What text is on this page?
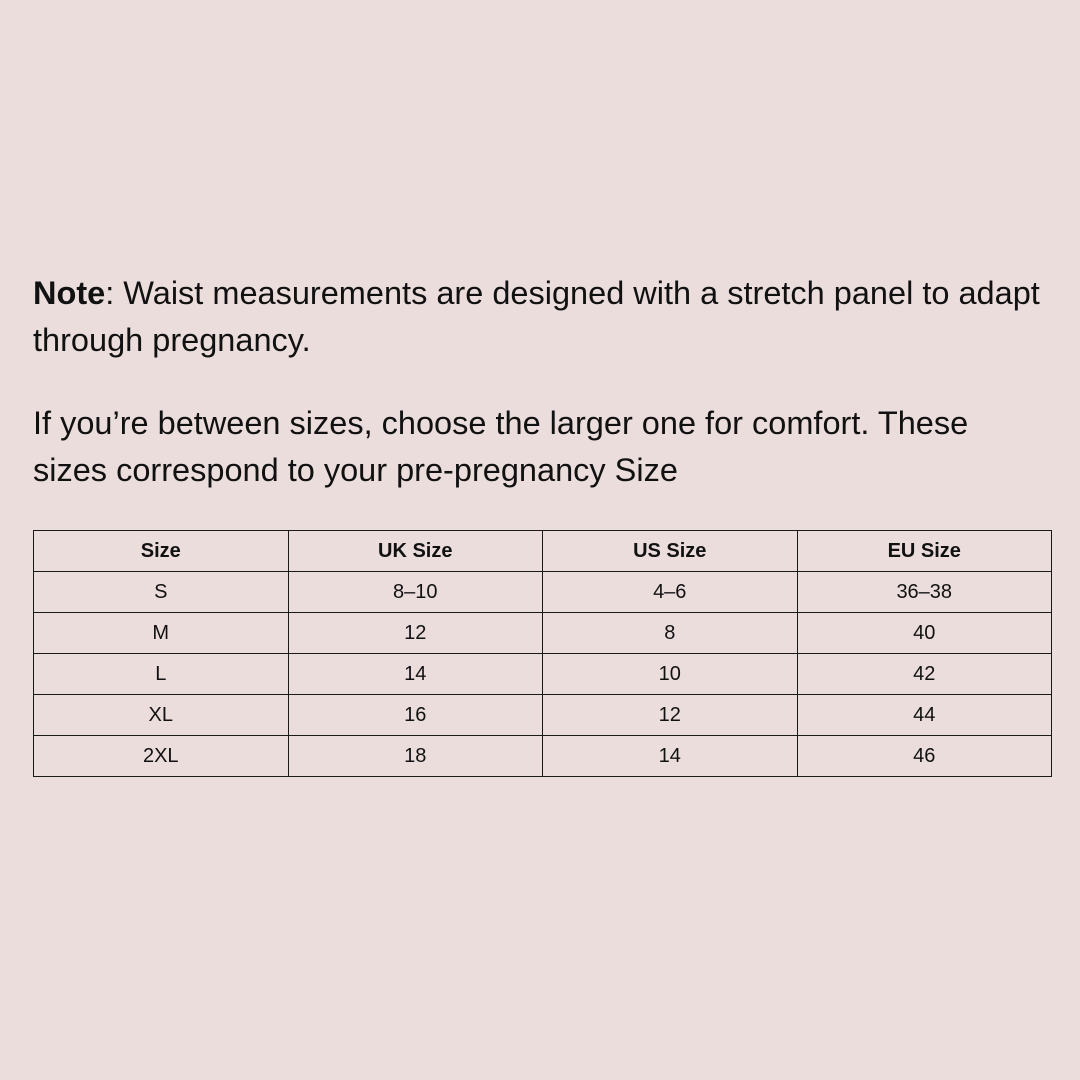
Note: Waist measurements are designed with a stretch panel to adapt through pregnancy.

If you’re between sizes, choose the larger one for comfort. These sizes correspond to your pre-pregnancy Size

Size	UK Size	US Size	EU Size
S	8–10	4–6	36–38
M	12	8	40
L	14	10	42
XL	16	12	44
2XL	18	14	46
